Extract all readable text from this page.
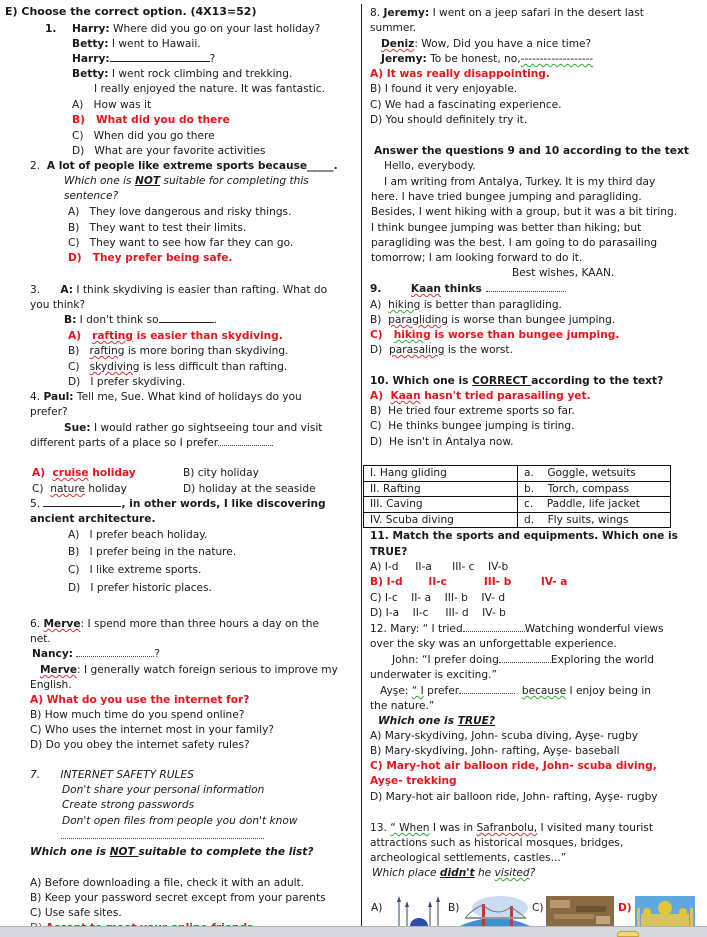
E) Choose the correct option. (4X13=52)
1. Harry: Where did you go on your last holiday?
Betty: I went to Hawaii.
Harry:	?
Betty: I went rock climbing and trekking.
I really enjoyed the nature. It was fantastic.
A) How was it
B) What did you do there
C) When did you go there
D) What are your favorite activities
2. A lot of people like extreme sports because_____.
Which one is NOT suitable for completing this
sentence?
A) They love dangerous and risky things.
B) They want to test their limits.
C) They want to see how far they can go.
D) They prefer being safe.
3. A: I think skydiving is easier than rafting. What do
you think?
B: I don't think so	.
A) rafting is easier than skydiving.
B) rafting is more boring than skydiving.
C) skydiving is less difficult than rafting.
D) I prefer skydiving.
4. Paul: Tell me, Sue. What kind of holidays do you
prefer?
Sue: I would rather go sightseeing tour and visit
different parts of a place so I prefer
A) cruise holiday	B) city holiday
C) nature holiday	D) holiday at the seaside
5.	, in other words, I like discovering
ancient architecture.
A) I prefer beach holiday.
B) I prefer being in the nature.
C) I like extreme sports.
D) I prefer historic places.
6. Merve: I spend more than three hours a day on the
net.
Nancy:	?
Merve: I generally watch foreign serious to improve my
English.
A) What do you use the internet for?
B) How much time do you spend online?
C) Who uses the internet most in your family?
D) Do you obey the internet safety rules?
7. INTERNET SAFETY RULES
Don't share your personal information
Create strong passwords
Don't open files from people you don't know
Which one is NOT suitable to complete the list?
A) Before downloading a file, check it with an adult.
B) Keep your password secret except from your parents
C) Use safe sites.

8. Jeremy: I went on a jeep safari in the desert last
summer.
Deniz: Wow, Did you have a nice time?
Jeremy: To be honest, no,-------------------
A) It was really disappointing.
B) I found it very enjoyable.
C) We had a fascinating experience.
D) You should definitely try it.
Answer the questions 9 and 10 according to the text
Hello, everybody.
I am writing from Antalya, Turkey. It is my third day
here. I have tried bungee jumping and paragliding.
Besides, I went hiking with a group, but it was a bit tiring.
I think bungee jumping was better than hiking; but
paragliding was the best. I am going to do parasailing
tomorrow; I am looking forward to do it.
Best wishes, KAAN.
9.	Kaan thinks
A) hiking is better than paragliding.
B) paragliding is worse than bungee jumping.
C) hiking is worse than bungee jumping.
D) parasaling is the worst.
10. Which one is CORRECT according to the text?
A) Kaan hasn't tried parasailing yet.
B) He tried four extreme sports so far.
C) He thinks bungee jumping is tiring.
D) He isn't in Antalya now.
I. Hang gliding	a. Goggle, wetsuits
II. Rafting	b. Torch, compass
III. Caving	c. Paddle, life jacket
IV. Scuba diving	d. Fly suits, wings
11. Match the sports and equipments. Which one is
TRUE?
A) I-d II-a III- c IV-b
B) I-d II-c	III- b	IV- a
C) I-c II- a III- b IV- d
D) I-a II-c III- d IV- b
12. Mary: “ I tried	Watching wonderful views
over the sky was an unforgettable experience.
John: “I prefer doing	Exploring the world
underwater is exciting.”
Ayşe: “ I prefer	because I enjoy being in
the nature.”
Which one is TRUE?
A) Mary-skydiving, John- scuba diving, Ayşe- rugby
B) Mary-skydiving, John- rafting, Ayşe- baseball
C) Mary-hot air balloon ride, John- scuba diving,
Ayşe- trekking
D) Mary-hot air balloon ride, John- rafting, Ayşe- rugby
13. “ When I was in Safranbolu, I visited many tourist
attractions such as historical mosques, bridges,
archeological settlements, castles...”
Which place didn't he visited?
A)	B)	C)	D)
